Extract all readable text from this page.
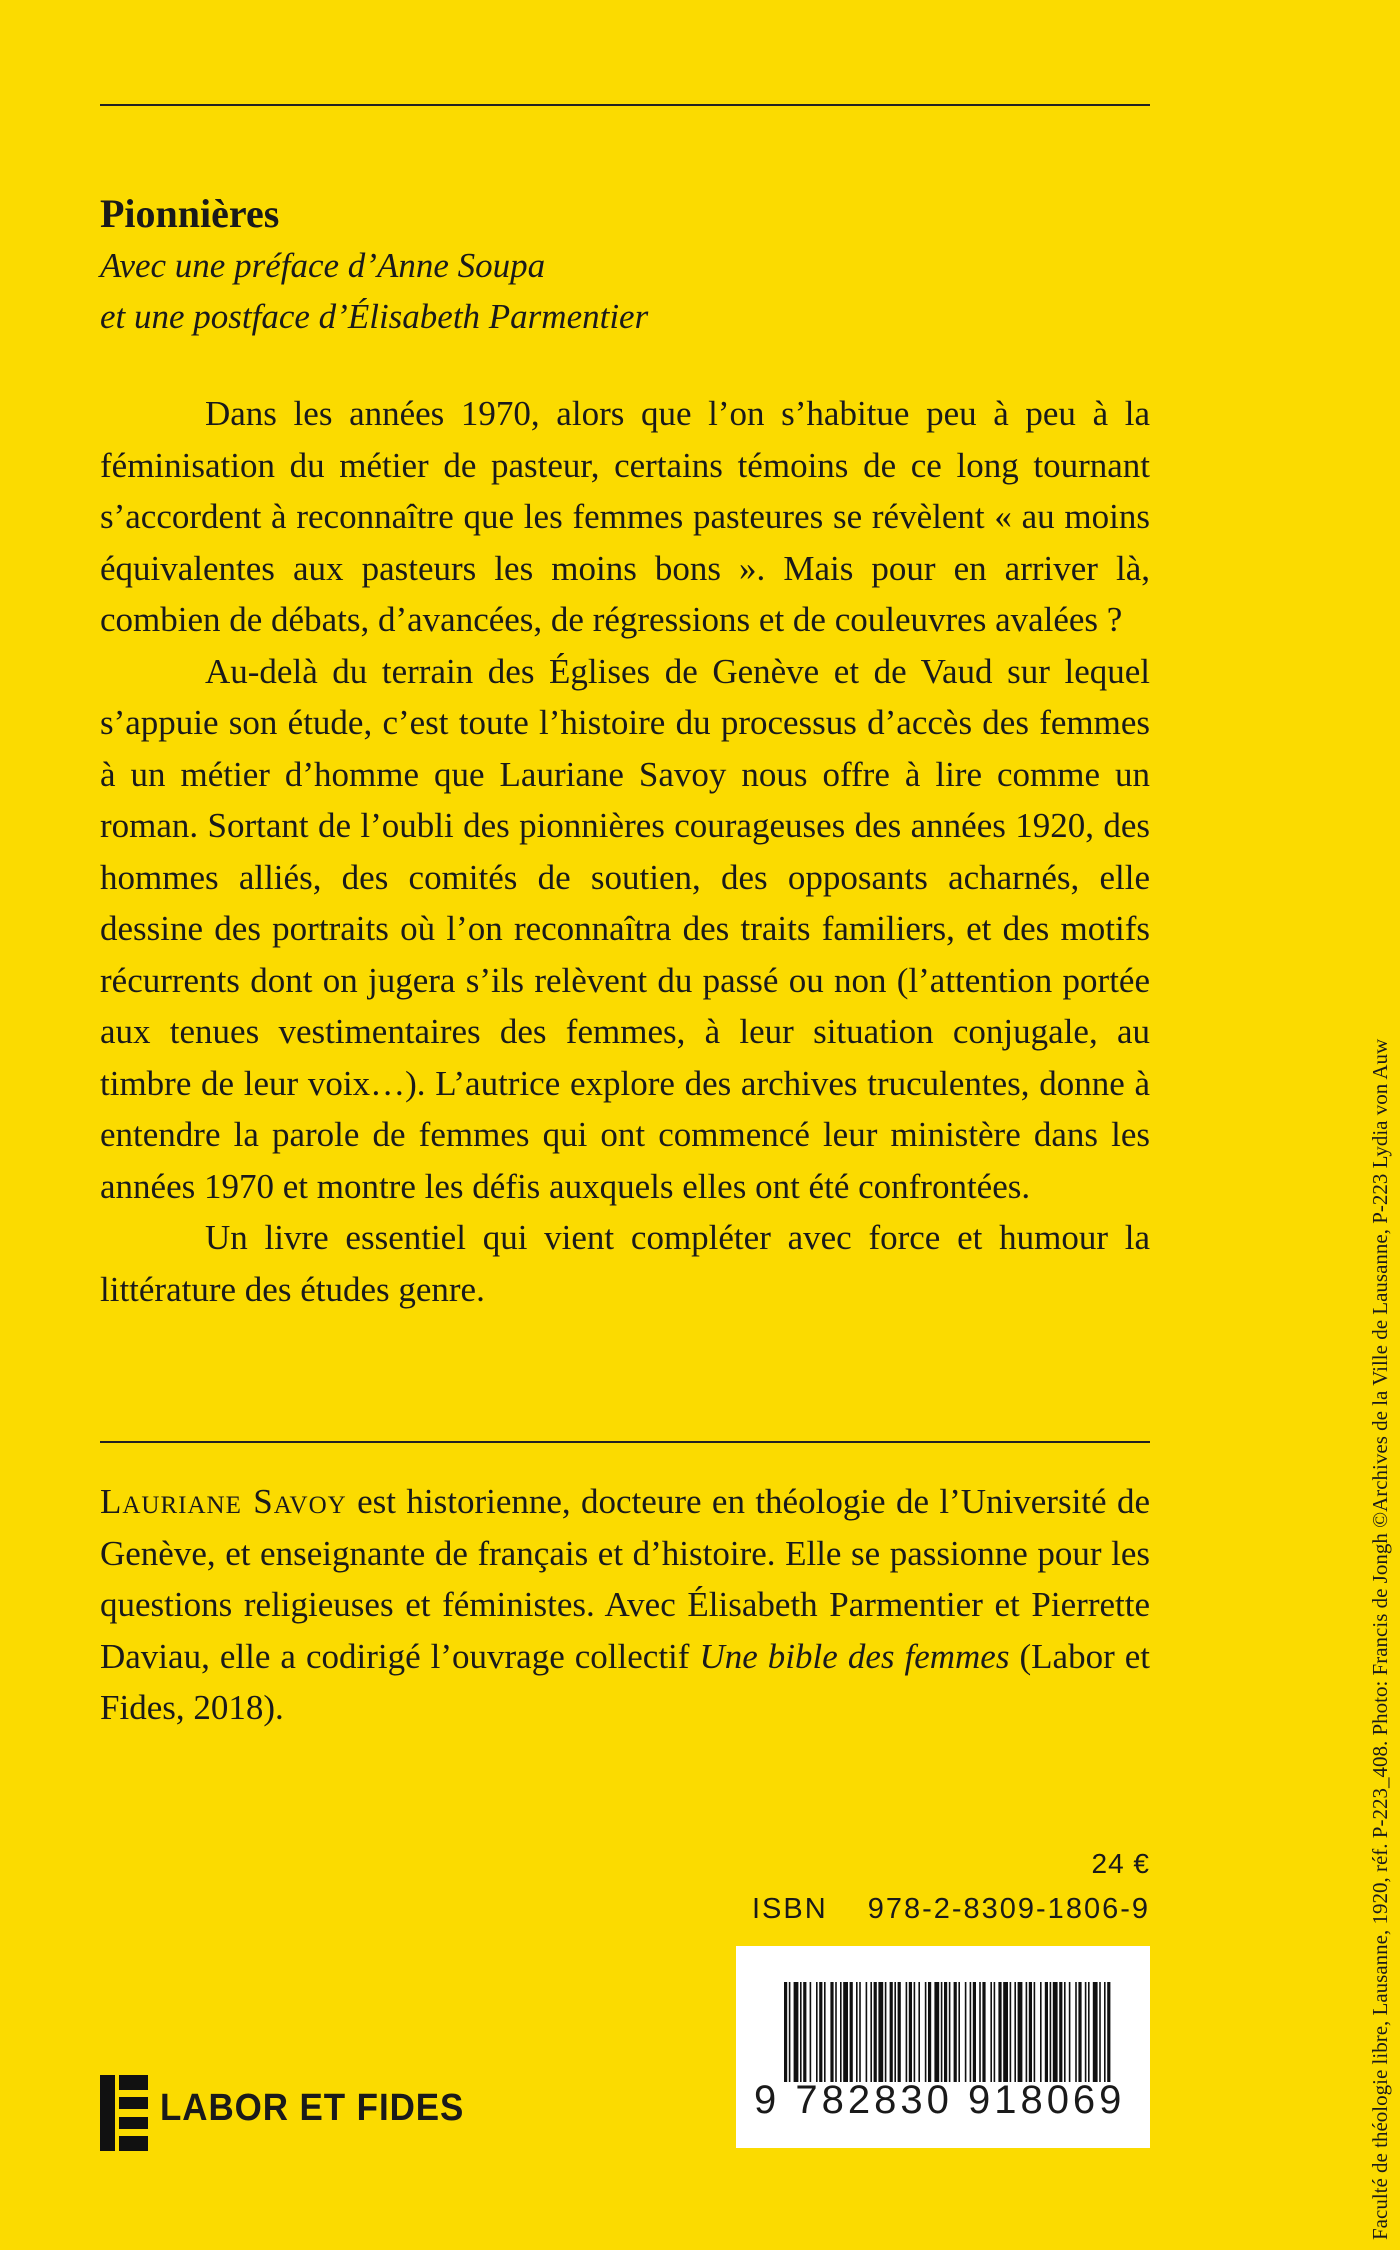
Pionnières
Avec une préface d’Anne Soupa
et une postface d’Élisabeth Parmentier

Dans les années 1970, alors que l’on s’habitue peu à peu à la féminisation du métier de pasteur, certains témoins de ce long tournant s’accordent à reconnaître que les femmes pasteures se révèlent « au moins équivalentes aux pasteurs les moins bons ». Mais pour en arriver là, combien de débats, d’avancées, de régressions et de couleuvres avalées ?

Au-delà du terrain des Églises de Genève et de Vaud sur lequel s’appuie son étude, c’est toute l’histoire du processus d’accès des femmes à un métier d’homme que Lauriane Savoy nous offre à lire comme un roman. Sortant de l’oubli des pionnières courageuses des années 1920, des hommes alliés, des comités de soutien, des opposants acharnés, elle dessine des portraits où l’on reconnaîtra des traits familiers, et des motifs récurrents dont on jugera s’ils relèvent du passé ou non (l’attention portée aux tenues vestimentaires des femmes, à leur situation conjugale, au timbre de leur voix…). L’autrice explore des archives truculentes, donne à entendre la parole de femmes qui ont commencé leur ministère dans les années 1970 et montre les défis auxquels elles ont été confrontées.

Un livre essentiel qui vient compléter avec force et humour la littérature des études genre.

Lauriane Savoy est historienne, docteure en théologie de l’Université de Genève, et enseignante de français et d’histoire. Elle se passionne pour les questions religieuses et féministes. Avec Élisabeth Parmentier et Pierrette Daviau, elle a codirigé l’ouvrage collectif Une bible des femmes (Labor et Fides, 2018).

24 €
ISBN 978-2-8309-1806-9
9 782830 918069
LABOR ET FIDES	Faculté de théologie libre, Lausanne, 1920, réf. P-223_408. Photo: Francis de Jongh ©Archives de la Ville de Lausanne, P-223 Lydia von Auw
